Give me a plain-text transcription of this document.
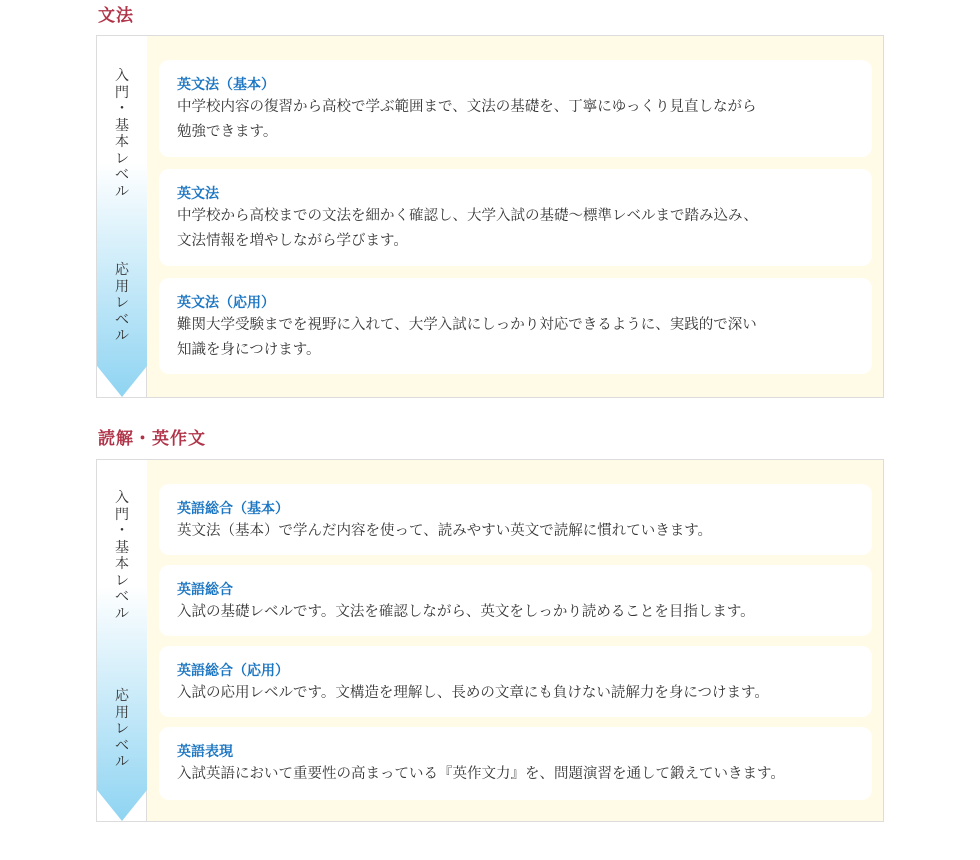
文法
入
門
・
基
本
レ
ベ
ル
応
用
レ
ベ
ル
英文法（基本）

中学校内容の復習から高校で学ぶ範囲まで、文法の基礎を、丁寧にゆっくり見直しながら
勉強できます。

英文法

中学校から高校までの文法を細かく確認し、大学入試の基礎～標準レベルまで踏み込み、
文法情報を増やしながら学びます。

英文法（応用）

難関大学受験までを視野に入れて、大学入試にしっかり対応できるように、実践的で深い
知識を身につけます。

読解・英作文
入
門
・
基
本
レ
ベ
ル
応
用
レ
ベ
ル
英語総合（基本）

英文法（基本）で学んだ内容を使って、読みやすい英文で読解に慣れていきます。

英語総合

入試の基礎レベルです。文法を確認しながら、英文をしっかり読めることを目指します。

英語総合（応用）

入試の応用レベルです。文構造を理解し、長めの文章にも負けない読解力を身につけます。

英語表現

入試英語において重要性の高まっている『英作文力』を、問題演習を通して鍛えていきます。
